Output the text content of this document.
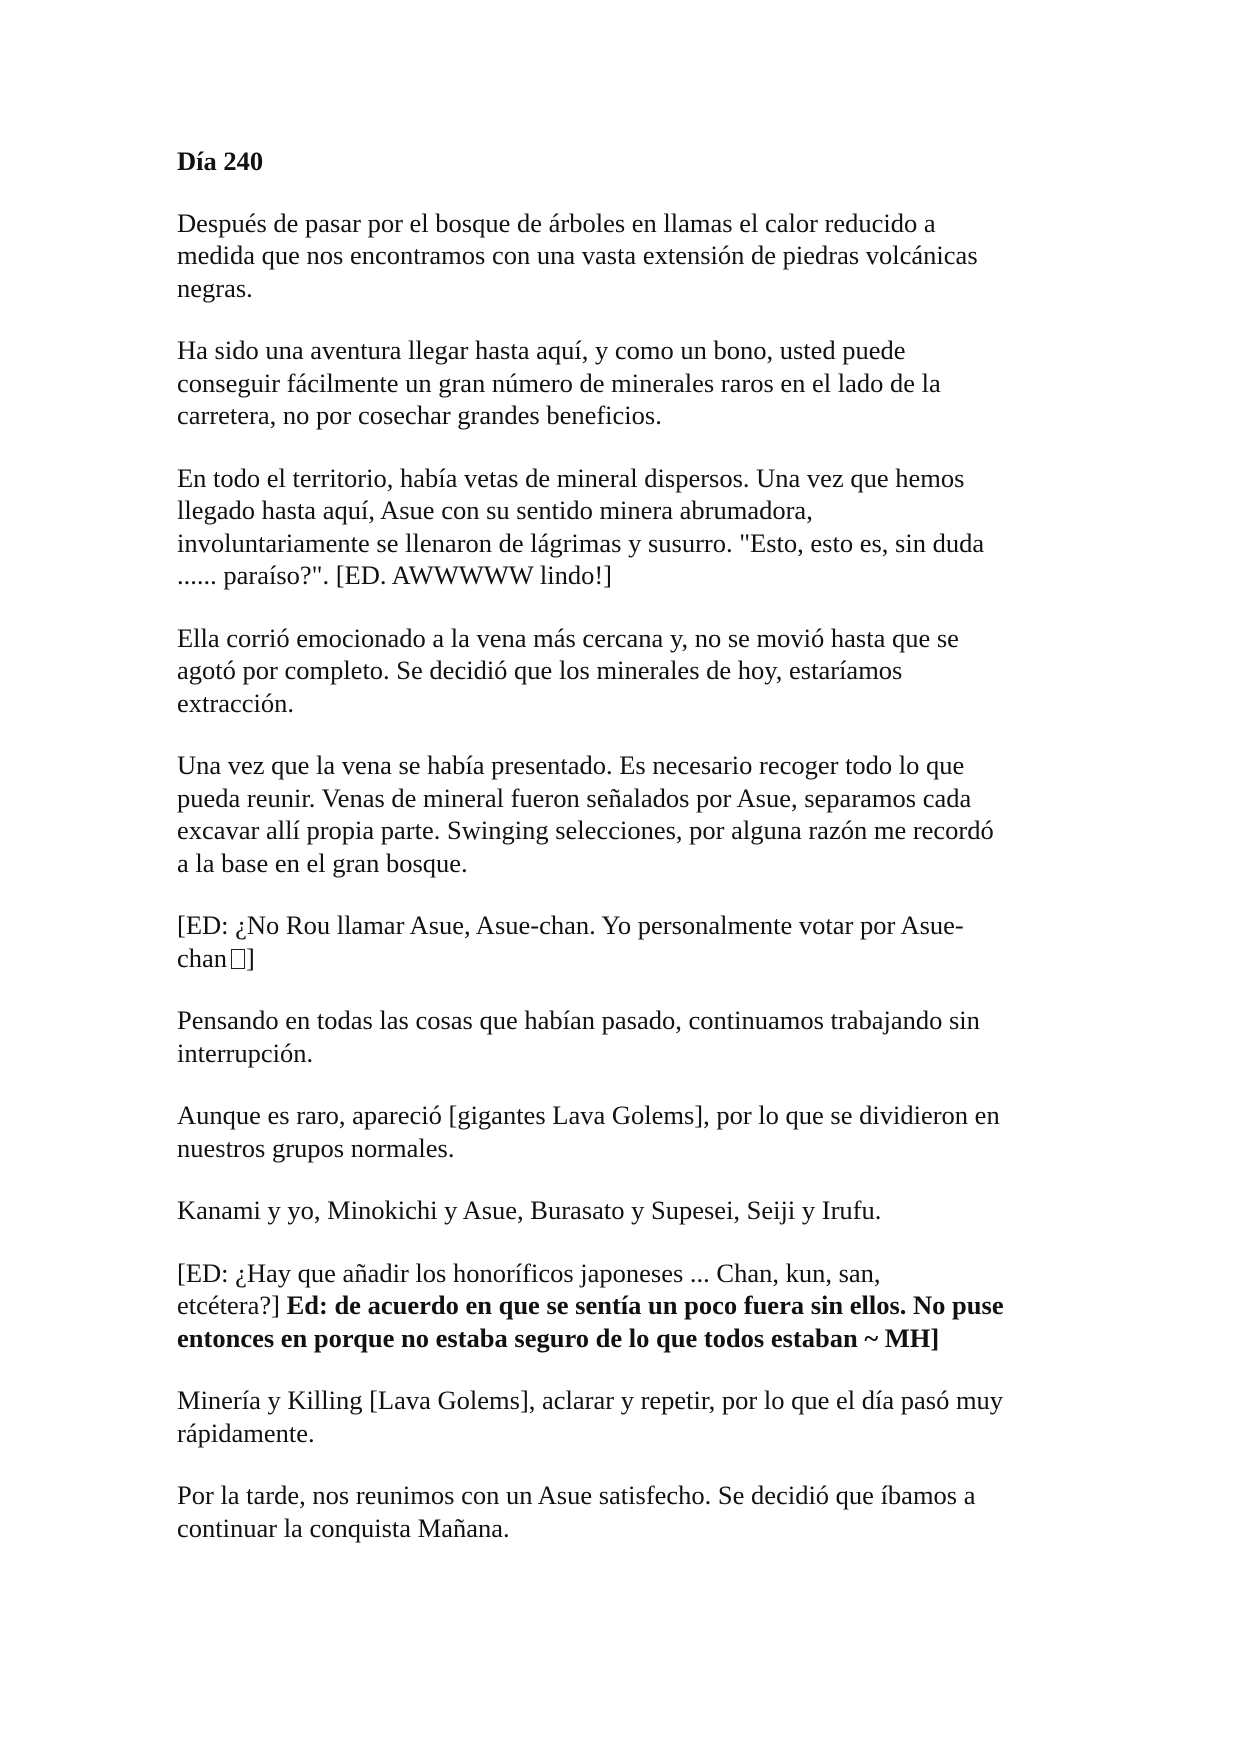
Día 240
Después de pasar por el bosque de árboles en llamas el calor reducido a
medida que nos encontramos con una vasta extensión de piedras volcánicas
negras.
Ha sido una aventura llegar hasta aquí, y como un bono, usted puede
conseguir fácilmente un gran número de minerales raros en el lado de la
carretera, no por cosechar grandes beneficios.
En todo el territorio, había vetas de mineral dispersos. Una vez que hemos
llegado hasta aquí, Asue con su sentido minera abrumadora,
involuntariamente se llenaron de lágrimas y susurro. "Esto, esto es, sin duda
...... paraíso?". [ED. AWWWWW lindo!]
Ella corrió emocionado a la vena más cercana y, no se movió hasta que se
agotó por completo. Se decidió que los minerales de hoy, estaríamos
extracción.
Una vez que la vena se había presentado. Es necesario recoger todo lo que
pueda reunir. Venas de mineral fueron señalados por Asue, separamos cada
excavar allí propia parte. Swinging selecciones, por alguna razón me recordó
a la base en el gran bosque.
[ED: ¿No Rou llamar Asue, Asue-chan. Yo personalmente votar por Asue-
chan ]
Pensando en todas las cosas que habían pasado, continuamos trabajando sin
interrupción.
Aunque es raro, apareció [gigantes Lava Golems], por lo que se dividieron en
nuestros grupos normales.
Kanami y yo, Minokichi y Asue, Burasato y Supesei, Seiji y Irufu.
[ED: ¿Hay que añadir los honoríficos japoneses ... Chan, kun, san,
etcétera?] Ed: de acuerdo en que se sentía un poco fuera sin ellos. No puse
entonces en porque no estaba seguro de lo que todos estaban ~ MH]
Minería y Killing [Lava Golems], aclarar y repetir, por lo que el día pasó muy
rápidamente.
Por la tarde, nos reunimos con un Asue satisfecho. Se decidió que íbamos a
continuar la conquista Mañana.
